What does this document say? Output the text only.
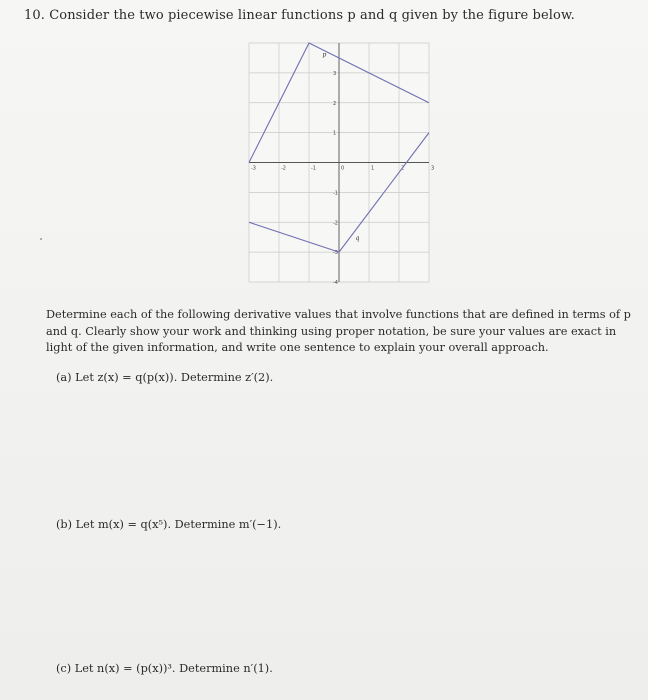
10. Consider the two piecewise linear functions p and q given by the figure below.
-3	-2	-1	0	1	2	3
3
2
1
-1
-2
-3
-4
p
q
Determine each of the following derivative values that involve functions that are defined in terms of p and q. Clearly show your work and thinking using proper notation, be sure your values are exact in light of the given information, and write one sentence to explain your overall approach.
(a) Let z(x) = q(p(x)). Determine z′(2).
(b) Let m(x) = q(x⁵). Determine m′(−1).
(c) Let n(x) = (p(x))³. Determine n′(1).
